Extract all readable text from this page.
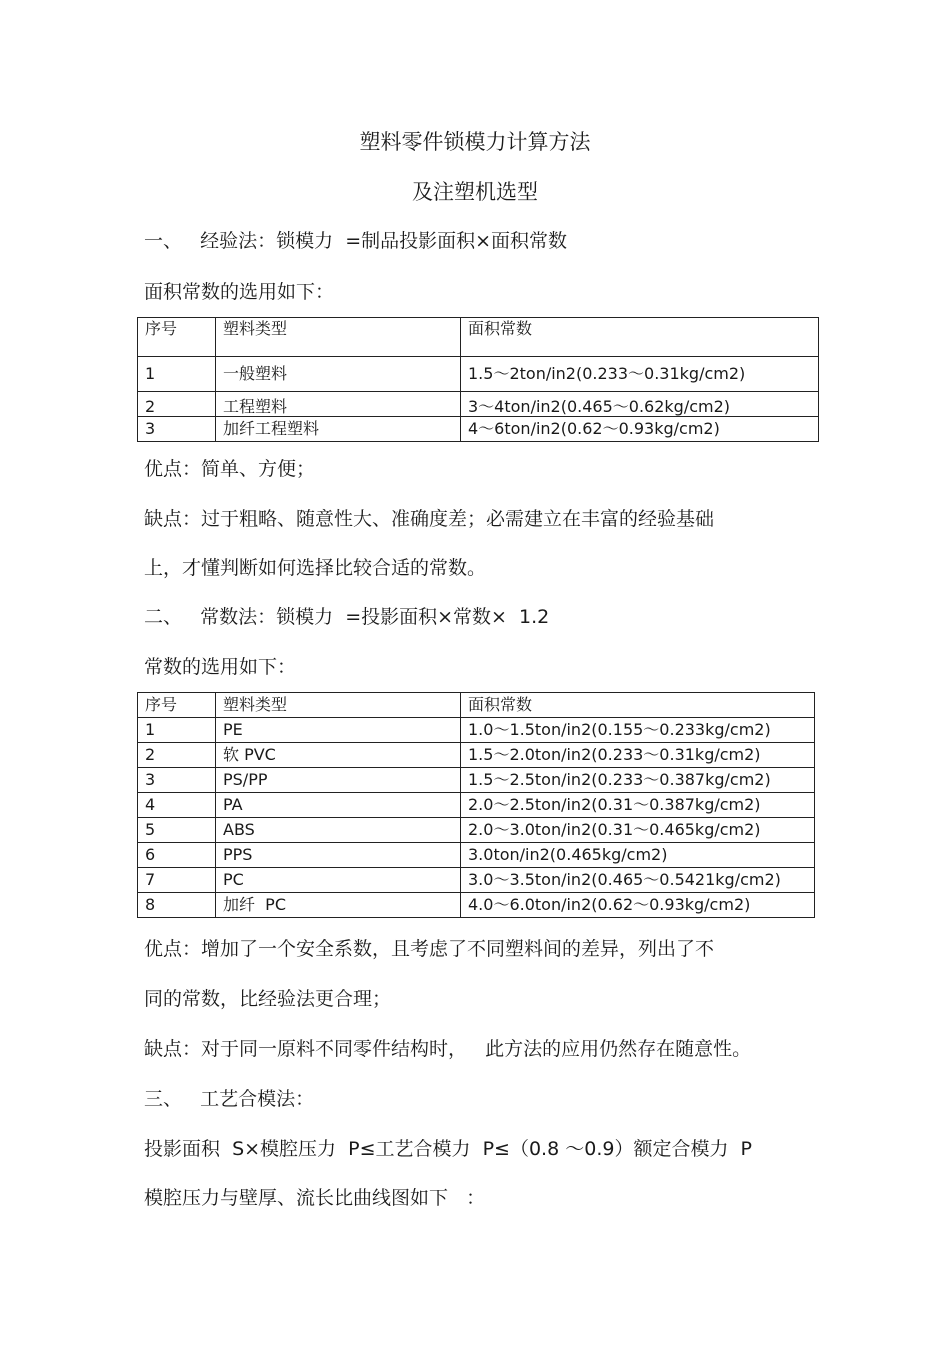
塑料零件锁模力计算方法
及注塑机选型
一、   经验法：锁模力  =制品投影面积×面积常数
面积常数的选用如下：
序号	塑料类型	面积常数
1	一般塑料	1.5～2ton/in2(0.233～0.31kg/cm2)
2	工程塑料	3～4ton/in2(0.465～0.62kg/cm2)
3	加纤工程塑料	4～6ton/in2(0.62～0.93kg/cm2)
优点：简单、方便；
缺点：过于粗略、随意性大、准确度差；必需建立在丰富的经验基础
上，才懂判断如何选择比较合适的常数。
二、   常数法：锁模力  =投影面积×常数×  1.2
常数的选用如下：
序号	塑料类型	面积常数
1	PE	1.0～1.5ton/in2(0.155～0.233kg/cm2)
2	软 PVC	1.5～2.0ton/in2(0.233～0.31kg/cm2)
3	PS/PP	1.5～2.5ton/in2(0.233～0.387kg/cm2)
4	PA	2.0～2.5ton/in2(0.31～0.387kg/cm2)
5	ABS	2.0～3.0ton/in2(0.31～0.465kg/cm2)
6	PPS	3.0ton/in2(0.465kg/cm2)
7	PC	3.0～3.5ton/in2(0.465～0.5421kg/cm2)
8	加纤  PC	4.0～6.0ton/in2(0.62～0.93kg/cm2)
优点：增加了一个安全系数，且考虑了不同塑料间的差异，列出了不
同的常数，比经验法更合理；
缺点：对于同一原料不同零件结构时，   此方法的应用仍然存在随意性。
三、   工艺合模法：
投影面积  S×模腔压力  P≤工艺合模力  P≤（0.8 ～0.9）额定合模力  P
模腔压力与壁厚、流长比曲线图如下   ：
